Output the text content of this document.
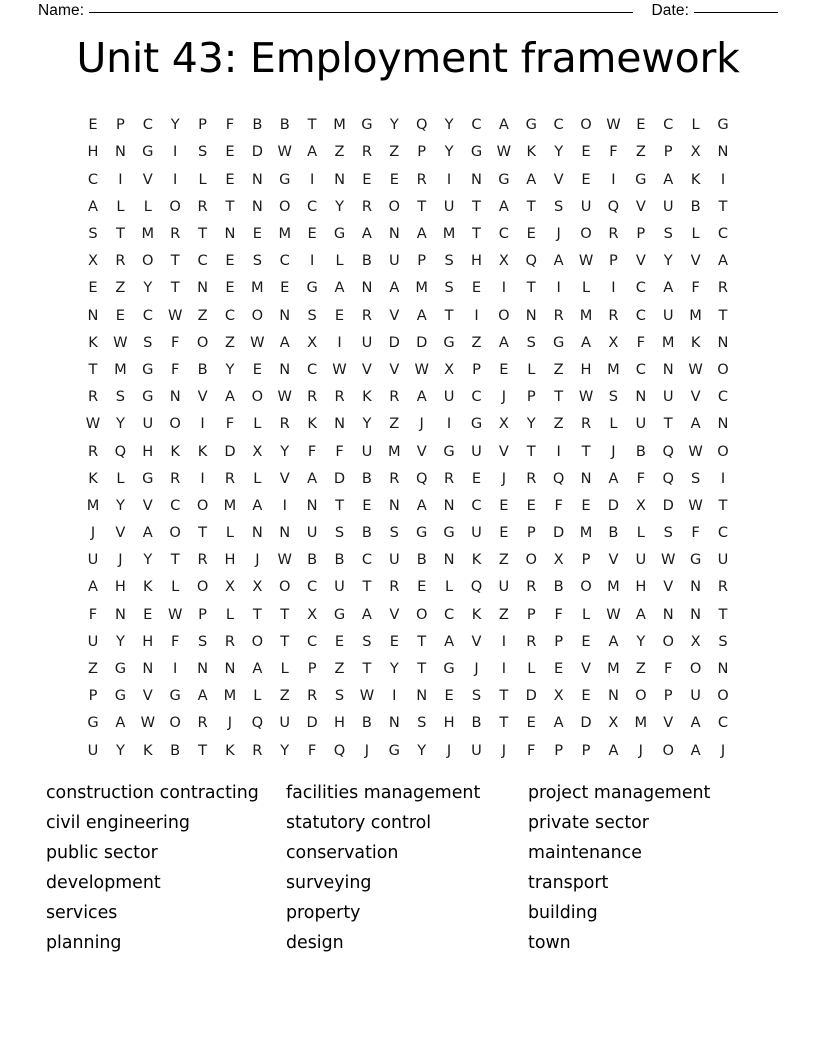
Name:	Date:
Unit 43: Employment framework
E	P	C	Y	P	F	B	B	T	M	G	Y	Q	Y	C	A	G	C	O	W	E	C	L	G
H	N	G	I	S	E	D	W	A	Z	R	Z	P	Y	G	W	K	Y	E	F	Z	P	X	N
C	I	V	I	L	E	N	G	I	N	E	E	R	I	N	G	A	V	E	I	G	A	K	I
A	L	L	O	R	T	N	O	C	Y	R	O	T	U	T	A	T	S	U	Q	V	U	B	T
S	T	M	R	T	N	E	M	E	G	A	N	A	M	T	C	E	J	O	R	P	S	L	C
X	R	O	T	C	E	S	C	I	L	B	U	P	S	H	X	Q	A	W	P	V	Y	V	A
E	Z	Y	T	N	E	M	E	G	A	N	A	M	S	E	I	T	I	L	I	C	A	F	R
N	E	C	W	Z	C	O	N	S	E	R	V	A	T	I	O	N	R	M	R	C	U	M	T
K	W	S	F	O	Z	W	A	X	I	U	D	D	G	Z	A	S	G	A	X	F	M	K	N
T	M	G	F	B	Y	E	N	C	W	V	V	W	X	P	E	L	Z	H	M	C	N	W	O
R	S	G	N	V	A	O	W	R	R	K	R	A	U	C	J	P	T	W	S	N	U	V	C
W	Y	U	O	I	F	L	R	K	N	Y	Z	J	I	G	X	Y	Z	R	L	U	T	A	N
R	Q	H	K	K	D	X	Y	F	F	U	M	V	G	U	V	T	I	T	J	B	Q	W	O
K	L	G	R	I	R	L	V	A	D	B	R	Q	R	E	J	R	Q	N	A	F	Q	S	I
M	Y	V	C	O	M	A	I	N	T	E	N	A	N	C	E	E	F	E	D	X	D	W	T
J	V	A	O	T	L	N	N	U	S	B	S	G	G	U	E	P	D	M	B	L	S	F	C
U	J	Y	T	R	H	J	W	B	B	C	U	B	N	K	Z	O	X	P	V	U	W	G	U
A	H	K	L	O	X	X	O	C	U	T	R	E	L	Q	U	R	B	O	M	H	V	N	R
F	N	E	W	P	L	T	T	X	G	A	V	O	C	K	Z	P	F	L	W	A	N	N	T
U	Y	H	F	S	R	O	T	C	E	S	E	T	A	V	I	R	P	E	A	Y	O	X	S
Z	G	N	I	N	N	A	L	P	Z	T	Y	T	G	J	I	L	E	V	M	Z	F	O	N
P	G	V	G	A	M	L	Z	R	S	W	I	N	E	S	T	D	X	E	N	O	P	U	O
G	A	W	O	R	J	Q	U	D	H	B	N	S	H	B	T	E	A	D	X	M	V	A	C
U	Y	K	B	T	K	R	Y	F	Q	J	G	Y	J	U	J	F	P	P	A	J	O	A	J
construction contracting	facilities management	project management
civil engineering	statutory control	private sector
public sector	conservation	maintenance
development	surveying	transport
services	property	building
planning	design	town
